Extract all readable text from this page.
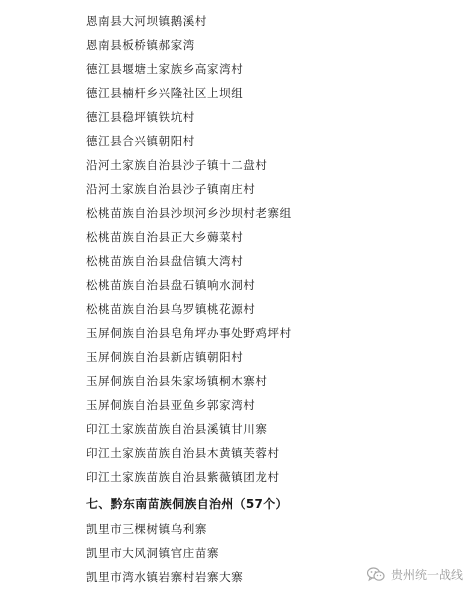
恩南县大河坝镇鹅溪村
恩南县板桥镇郝家湾
德江县堰塘土家族乡高家湾村
德江县楠杆乡兴隆社区上坝组
德江县稳坪镇铁坑村
德江县合兴镇朝阳村
沿河土家族自治县沙子镇十二盘村
沿河土家族自治县沙子镇南庄村
松桃苗族自治县沙坝河乡沙坝村老寨组
松桃苗族自治县正大乡薅菜村
松桃苗族自治县盘信镇大湾村
松桃苗族自治县盘石镇响水洞村
松桃苗族自治县乌罗镇桃花源村
玉屏侗族自治县皂角坪办事处野鸡坪村
玉屏侗族自治县新店镇朝阳村
玉屏侗族自治县朱家场镇桐木寨村
玉屏侗族自治县亚鱼乡郭家湾村
印江土家族苗族自治县溪镇甘川寨
印江土家族苗族自治县木黄镇芙蓉村
印江土家族苗族自治县紫薇镇团龙村
七、黔东南苗族侗族自治州（57个）
凯里市三棵树镇乌利寨
凯里市大风洞镇官庄苗寨
凯里市湾水镇岩寨村岩寨大寨	贵州统一战线
